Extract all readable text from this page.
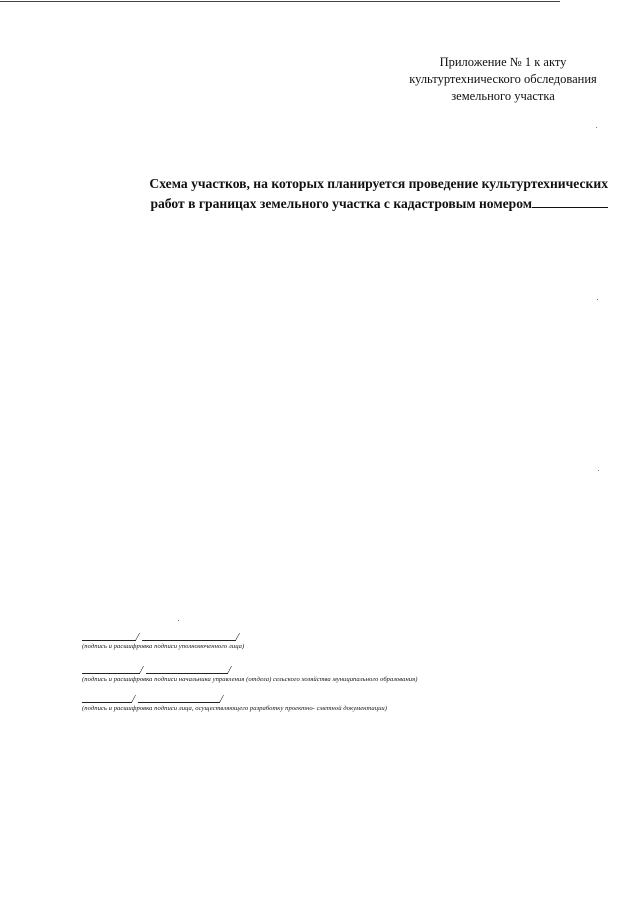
Приложение № 1 к акту
культуртехнического обследования
земельного участка
Схема участков, на которых планируется проведение культуртехнических
работ в границах земельного участка с кадастровым номером
/	/
(подпись и расшифровка подписи уполномоченного лица)
/	/
(подпись и расшифровка подписи начальника управления (отдела) сельского хозяйства муниципального образования)
/	/
(подпись и расшифровка подписи лица, осуществляющего разработку проектно- сметной документации)
